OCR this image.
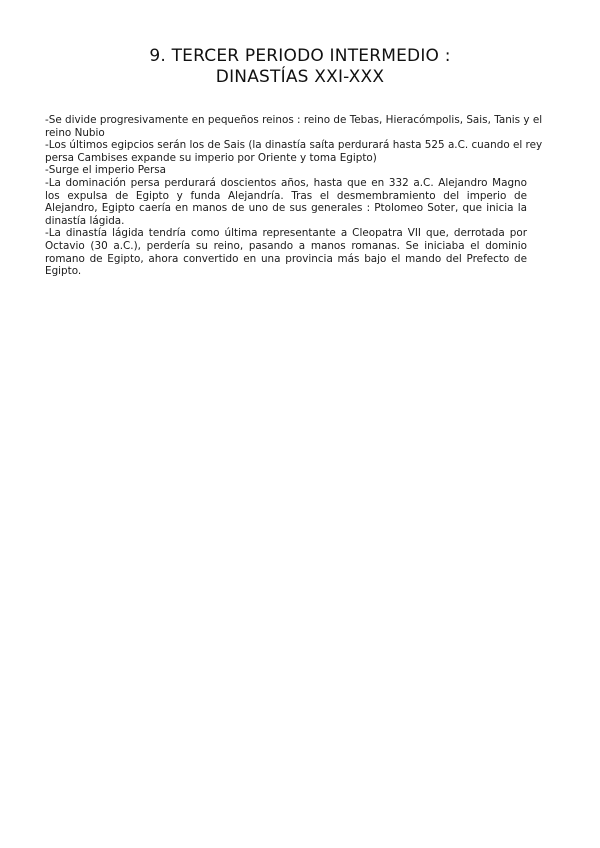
9. TERCER PERIODO INTERMEDIO :
DINASTÍAS XXI-XXX

-Se divide progresivamente en pequeños reinos : reino de Tebas, Hieracómpolis, Sais, Tanis y el reino Nubio

-Los últimos egipcios serán los de Sais (la dinastía saíta perdurará hasta 525 a.C. cuando el rey persa Cambises expande su imperio por Oriente y toma Egipto)

-Surge el imperio Persa

-La dominación persa perdurará doscientos años, hasta que en 332 a.C. Alejandro Magno los expulsa de Egipto y funda Alejandría. Tras el desmembramiento del imperio de Alejandro, Egipto caería en manos de uno de sus generales : Ptolomeo Soter, que inicia la dinastía lágida.

-La dinastía lágida tendría como última representante a Cleopatra VII que, derrotada por Octavio (30 a.C.), perdería su reino, pasando a manos romanas. Se iniciaba el dominio romano de Egipto, ahora convertido en una provincia más bajo el mando del Prefecto de Egipto.
